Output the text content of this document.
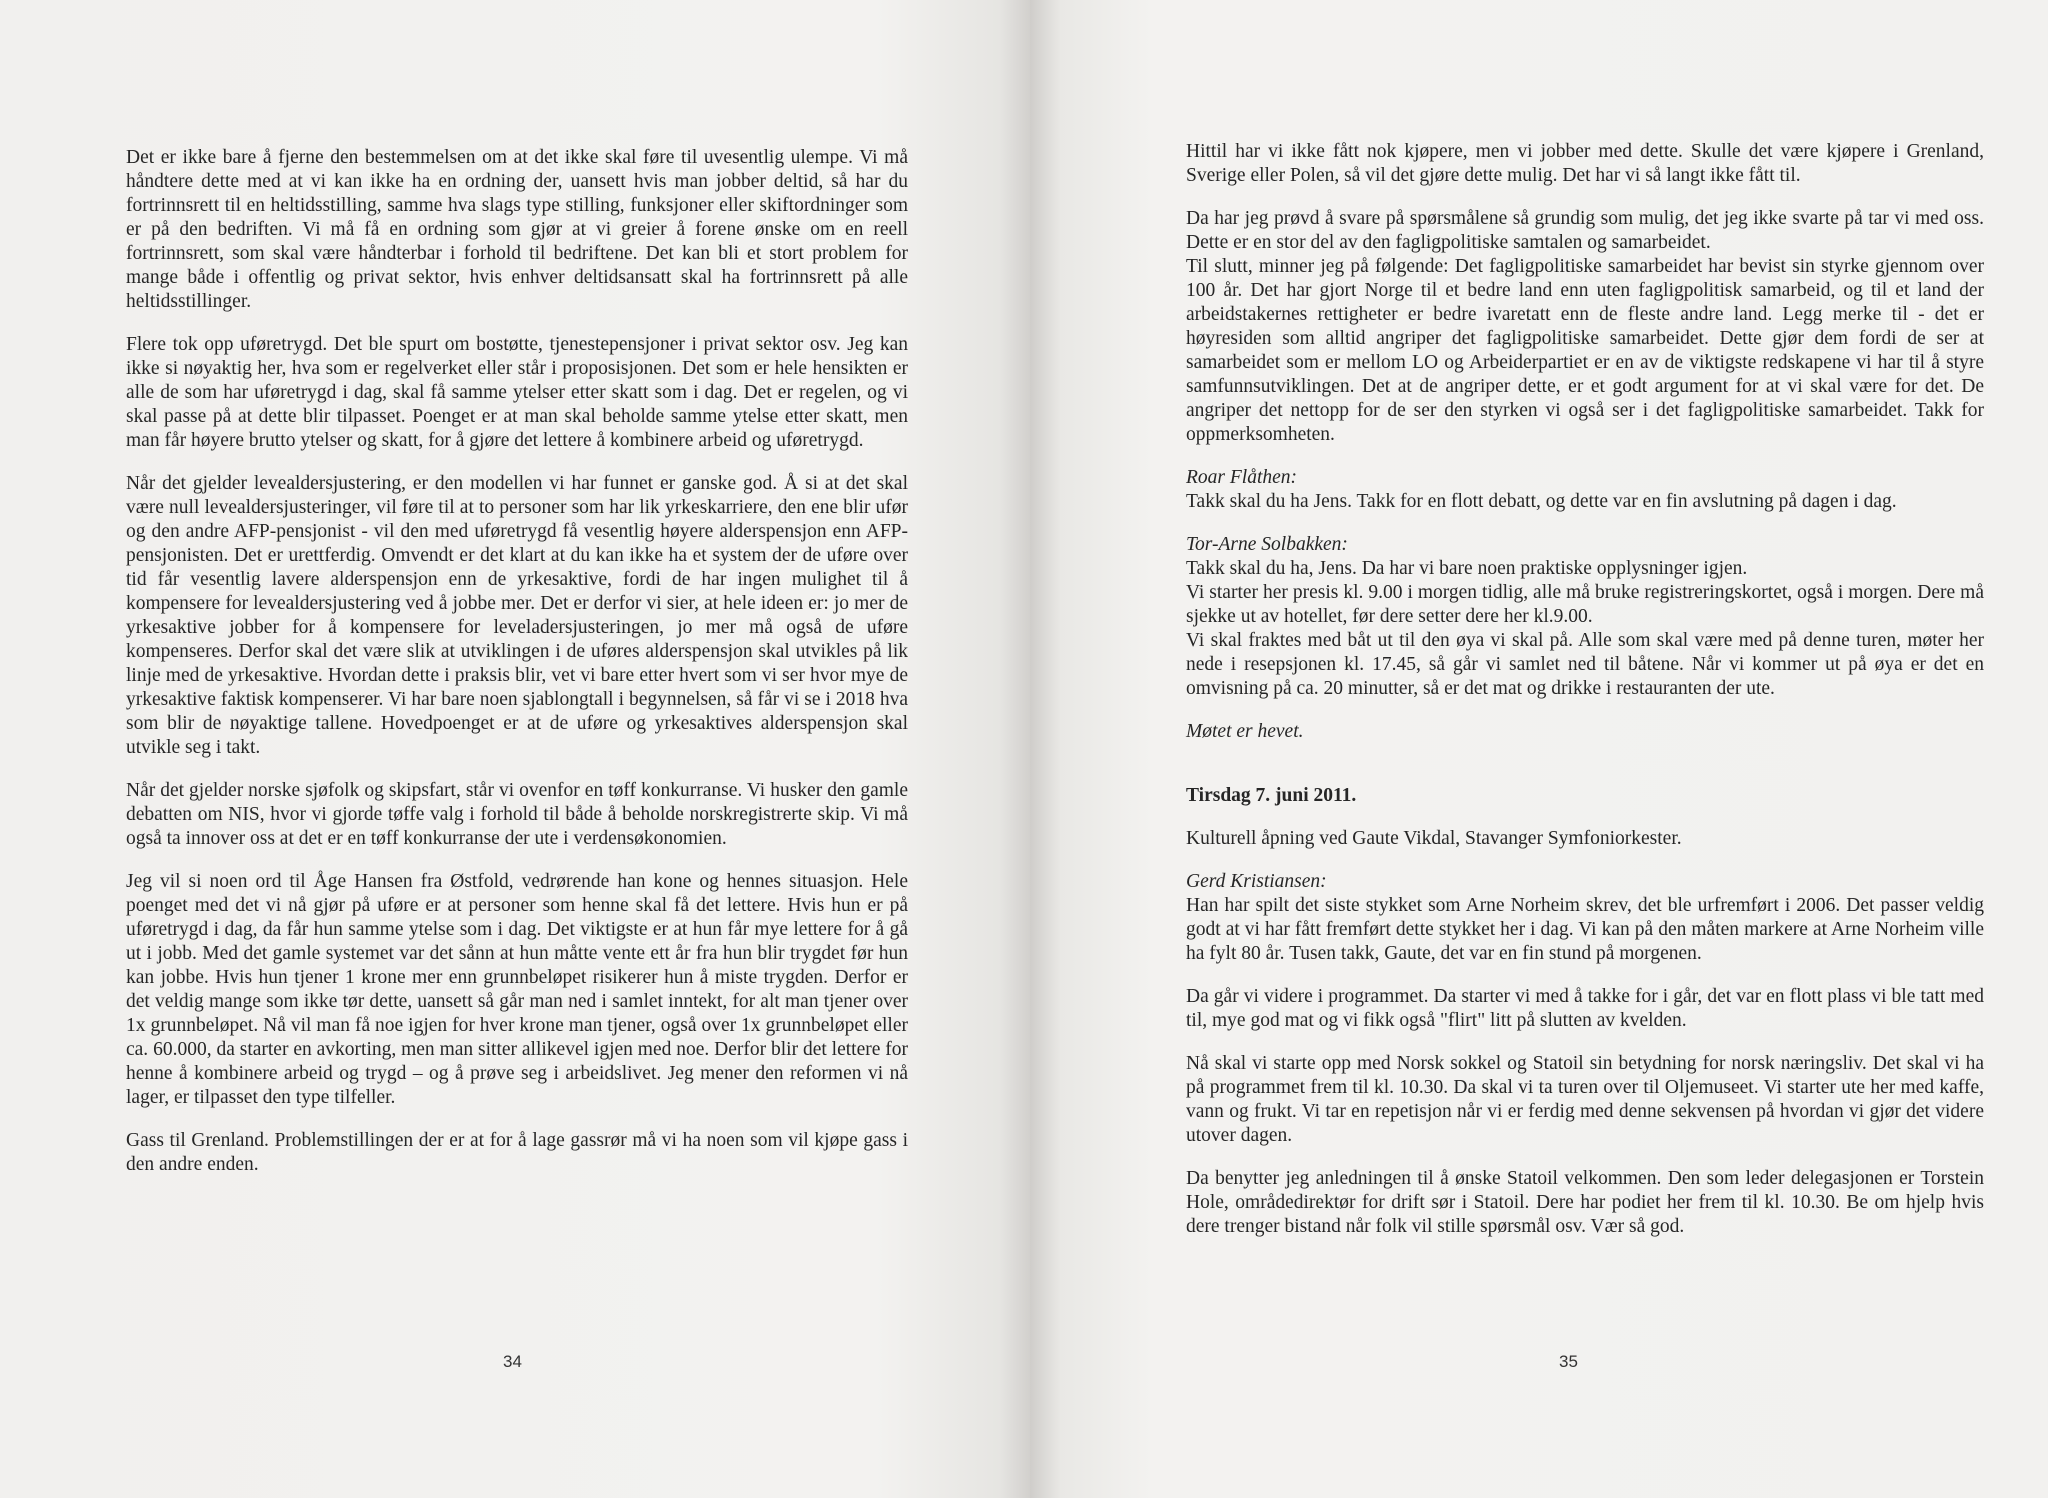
Det er ikke bare å fjerne den bestemmelsen om at det ikke skal føre til uvesentlig ulempe. Vi må håndtere dette med at vi kan ikke ha en ordning der, uansett hvis man jobber deltid, så har du fortrinnsrett til en heltidsstilling, samme hva slags type stilling, funksjoner eller skiftordninger som er på den bedriften. Vi må få en ordning som gjør at vi greier å forene ønske om en reell fortrinnsrett, som skal være håndterbar i forhold til bedriftene. Det kan bli et stort problem for mange både i offentlig og privat sektor, hvis enhver deltidsansatt skal ha fortrinnsrett på alle heltidsstillinger.

Flere tok opp uføretrygd. Det ble spurt om bostøtte, tjenestepensjoner i privat sektor osv. Jeg kan ikke si nøyaktig her, hva som er regelverket eller står i proposisjonen. Det som er hele hensikten er alle de som har uføretrygd i dag, skal få samme ytelser etter skatt som i dag. Det er regelen, og vi skal passe på at dette blir tilpasset. Poenget er at man skal beholde samme ytelse etter skatt, men man får høyere brutto ytelser og skatt, for å gjøre det lettere å kombinere arbeid og uføretrygd.

Når det gjelder levealdersjustering, er den modellen vi har funnet er ganske god. Å si at det skal være null levealdersjusteringer, vil føre til at to personer som har lik yrkeskarriere, den ene blir ufør og den andre AFP-pensjonist - vil den med uføretrygd få vesentlig høyere alderspensjon enn AFP-pensjonisten. Det er urettferdig. Omvendt er det klart at du kan ikke ha et system der de uføre over tid får vesentlig lavere alderspensjon enn de yrkesaktive, fordi de har ingen mulighet til å kompensere for levealdersjustering ved å jobbe mer. Det er derfor vi sier, at hele ideen er: jo mer de yrkesaktive jobber for å kompensere for leveladersjusteringen, jo mer må også de uføre kompenseres. Derfor skal det være slik at utviklingen i de uføres alderspensjon skal utvikles på lik linje med de yrkesaktive. Hvordan dette i praksis blir, vet vi bare etter hvert som vi ser hvor mye de yrkesaktive faktisk kompenserer. Vi har bare noen sjablongtall i begynnelsen, så får vi se i 2018 hva som blir de nøyaktige tallene. Hovedpoenget er at de uføre og yrkesaktives alderspensjon skal utvikle seg i takt.

Når det gjelder norske sjøfolk og skipsfart, står vi ovenfor en tøff konkurranse. Vi husker den gamle debatten om NIS, hvor vi gjorde tøffe valg i forhold til både å beholde norskregistrerte skip. Vi må også ta innover oss at det er en tøff konkurranse der ute i verdensøkonomien.

Jeg vil si noen ord til Åge Hansen fra Østfold, vedrørende han kone og hennes situasjon. Hele poenget med det vi nå gjør på uføre er at personer som henne skal få det lettere. Hvis hun er på uføretrygd i dag, da får hun samme ytelse som i dag. Det viktigste er at hun får mye lettere for å gå ut i jobb. Med det gamle systemet var det sånn at hun måtte vente ett år fra hun blir trygdet før hun kan jobbe. Hvis hun tjener 1 krone mer enn grunnbeløpet risikerer hun å miste trygden. Derfor er det veldig mange som ikke tør dette, uansett så går man ned i samlet inntekt, for alt man tjener over 1x grunnbeløpet. Nå vil man få noe igjen for hver krone man tjener, også over 1x grunnbeløpet eller ca. 60.000, da starter en avkorting, men man sitter allikevel igjen med noe. Derfor blir det lettere for henne å kombinere arbeid og trygd – og å prøve seg i arbeidslivet. Jeg mener den reformen vi nå lager, er tilpasset den type tilfeller.

Gass til Grenland. Problemstillingen der er at for å lage gassrør må vi ha noen som vil kjøpe gass i den andre enden.

34

Hittil har vi ikke fått nok kjøpere, men vi jobber med dette. Skulle det være kjøpere i Grenland, Sverige eller Polen, så vil det gjøre dette mulig. Det har vi så langt ikke fått til.

Da har jeg prøvd å svare på spørsmålene så grundig som mulig, det jeg ikke svarte på tar vi med oss. Dette er en stor del av den fagligpolitiske samtalen og samarbeidet.
Til slutt, minner jeg på følgende: Det fagligpolitiske samarbeidet har bevist sin styrke gjennom over 100 år. Det har gjort Norge til et bedre land enn uten fagligpolitisk samarbeid, og til et land der arbeidstakernes rettigheter er bedre ivaretatt enn de fleste andre land. Legg merke til - det er høyresiden som alltid angriper det fagligpolitiske samarbeidet. Dette gjør dem fordi de ser at samarbeidet som er mellom LO og Arbeiderpartiet er en av de viktigste redskapene vi har til å styre samfunnsutviklingen. Det at de angriper dette, er et godt argument for at vi skal være for det. De angriper det nettopp for de ser den styrken vi også ser i det fagligpolitiske samarbeidet. Takk for oppmerksomheten.

Roar Flåthen:
Takk skal du ha Jens. Takk for en flott debatt, og dette var en fin avslutning på dagen i dag.

Tor-Arne Solbakken:
Takk skal du ha, Jens. Da har vi bare noen praktiske opplysninger igjen.
Vi starter her presis kl. 9.00 i morgen tidlig, alle må bruke registreringskortet, også i morgen. Dere må sjekke ut av hotellet, før dere setter dere her kl.9.00.
Vi skal fraktes med båt ut til den øya vi skal på. Alle som skal være med på denne turen, møter her nede i resepsjonen kl. 17.45, så går vi samlet ned til båtene. Når vi kommer ut på øya er det en omvisning på ca. 20 minutter, så er det mat og drikke i restauranten der ute.

Møtet er hevet.

Tirsdag 7. juni 2011.

Kulturell åpning ved Gaute Vikdal, Stavanger Symfoniorkester.

Gerd Kristiansen:
Han har spilt det siste stykket som Arne Norheim skrev, det ble urfremført i 2006. Det passer veldig godt at vi har fått fremført dette stykket her i dag. Vi kan på den måten markere at Arne Norheim ville ha fylt 80 år. Tusen takk, Gaute, det var en fin stund på morgenen.

Da går vi videre i programmet. Da starter vi med å takke for i går, det var en flott plass vi ble tatt med til, mye god mat og vi fikk også "flirt" litt på slutten av kvelden.

Nå skal vi starte opp med Norsk sokkel og Statoil sin betydning for norsk næringsliv. Det skal vi ha på programmet frem til kl. 10.30. Da skal vi ta turen over til Oljemuseet. Vi starter ute her med kaffe, vann og frukt. Vi tar en repetisjon når vi er ferdig med denne sekvensen på hvordan vi gjør det videre utover dagen.

Da benytter jeg anledningen til å ønske Statoil velkommen. Den som leder delegasjonen er Torstein Hole, områdedirektør for drift sør i Statoil. Dere har podiet her frem til kl. 10.30. Be om hjelp hvis dere trenger bistand når folk vil stille spørsmål osv. Vær så god.

35
